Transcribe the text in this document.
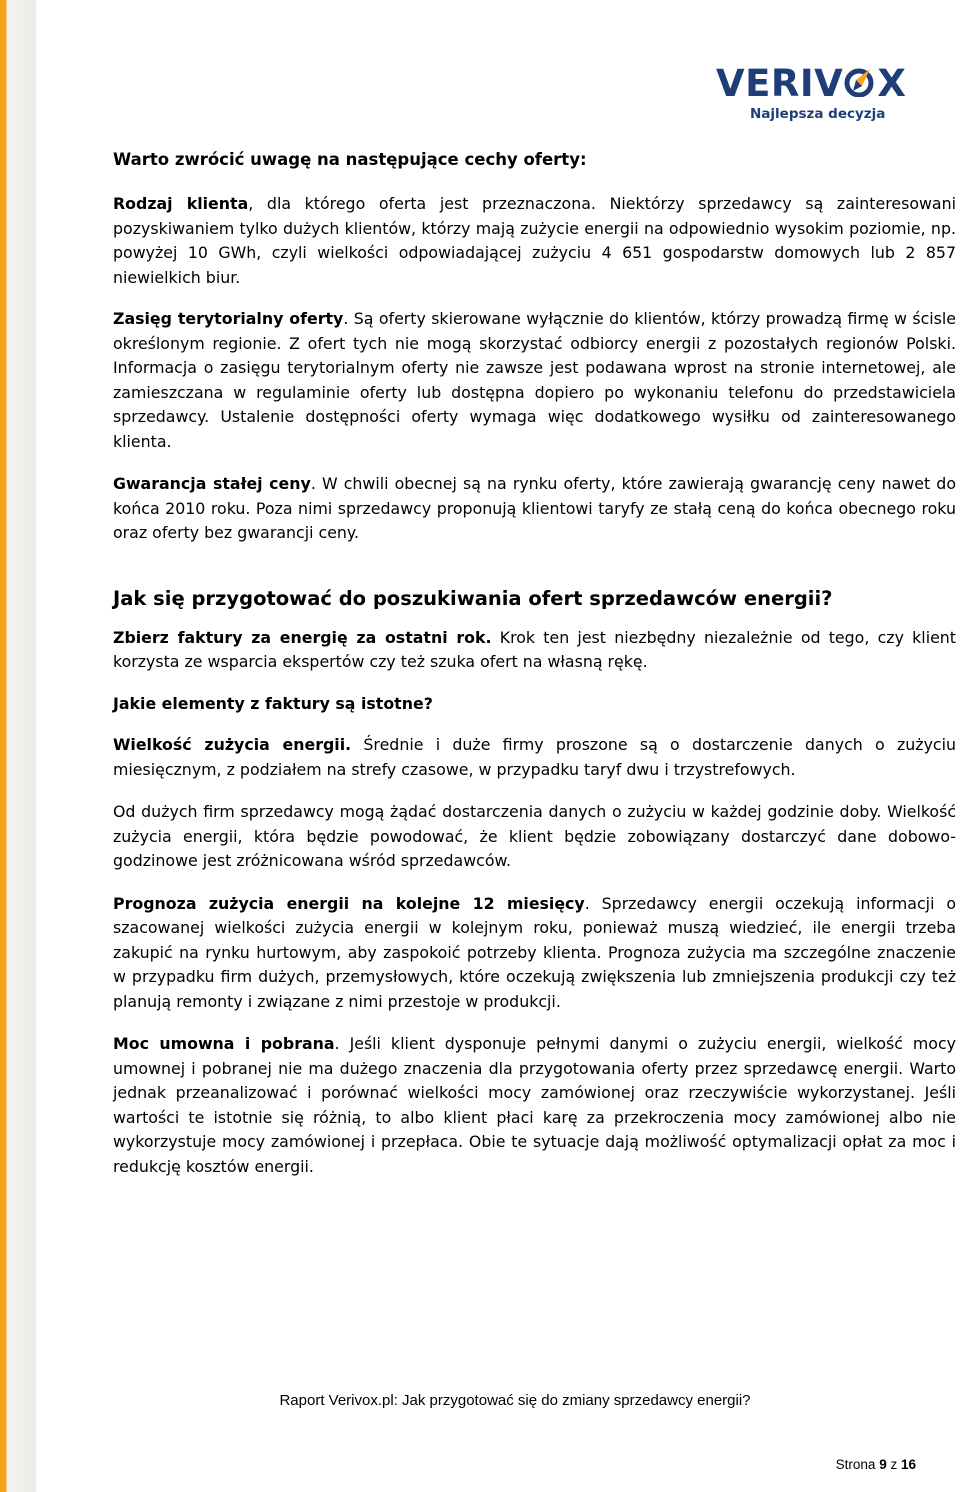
VERIV X
Najlepsza decyzja

Warto zwrócić uwagę na następujące cechy oferty:

Rodzaj klienta, dla którego oferta jest przeznaczona. Niektórzy sprzedawcy są zainteresowani pozyskiwaniem tylko dużych klientów, którzy mają zużycie energii na odpowiednio wysokim poziomie, np. powyżej 10 GWh, czyli wielkości odpowiadającej zużyciu 4 651 gospodarstw domowych lub 2 857 niewielkich biur.

Zasięg terytorialny oferty. Są oferty skierowane wyłącznie do klientów, którzy prowadzą firmę w ścisle określonym regionie. Z ofert tych nie mogą skorzystać odbiorcy energii z pozostałych regionów Polski. Informacja o zasięgu terytorialnym oferty nie zawsze jest podawana wprost na stronie internetowej, ale zamieszczana w regulaminie oferty lub dostępna dopiero po wykonaniu telefonu do przedstawiciela sprzedawcy. Ustalenie dostępności oferty wymaga więc dodatkowego wysiłku od zainteresowanego klienta.

Gwarancja stałej ceny. W chwili obecnej są na rynku oferty, które zawierają gwarancję ceny nawet do końca 2010 roku. Poza nimi sprzedawcy proponują klientowi taryfy ze stałą ceną do końca obecnego roku oraz oferty bez gwarancji ceny.

Jak się przygotować do poszukiwania ofert sprzedawców energii?

Zbierz faktury za energię za ostatni rok. Krok ten jest niezbędny niezależnie od tego, czy klient korzysta ze wsparcia ekspertów czy też szuka ofert na własną rękę.

Jakie elementy z faktury są istotne?

Wielkość zużycia energii. Średnie i duże firmy proszone są o dostarczenie danych o zużyciu miesięcznym, z podziałem na strefy czasowe, w przypadku taryf dwu i trzystrefowych.

Od dużych firm sprzedawcy mogą żądać dostarczenia danych o zużyciu w każdej godzinie doby. Wielkość zużycia energii, która będzie powodować, że klient będzie zobowiązany dostarczyć dane dobowo-godzinowe jest zróżnicowana wśród sprzedawców.

Prognoza zużycia energii na kolejne 12 miesięcy. Sprzedawcy energii oczekują informacji o szacowanej wielkości zużycia energii w kolejnym roku, ponieważ muszą wiedzieć, ile energii trzeba zakupić na rynku hurtowym, aby zaspokoić potrzeby klienta. Prognoza zużycia ma szczególne znaczenie w przypadku firm dużych, przemysłowych, które oczekują zwiększenia lub zmniejszenia produkcji czy też planują remonty i związane z nimi przestoje w produkcji.

Moc umowna i pobrana. Jeśli klient dysponuje pełnymi danymi o zużyciu energii, wielkość mocy umownej i pobranej nie ma dużego znaczenia dla przygotowania oferty przez sprzedawcę energii. Warto jednak przeanalizować i porównać wielkości mocy zamówionej oraz rzeczywiście wykorzystanej. Jeśli wartości te istotnie się różnią, to albo klient płaci karę za przekroczenia mocy zamówionej albo nie wykorzystuje mocy zamówionej i przepłaca. Obie te sytuacje dają możliwość optymalizacji opłat za moc i redukcję kosztów energii.

Raport Verivox.pl: Jak przygotować się do zmiany sprzedawcy energii?
Strona 9 z 16
